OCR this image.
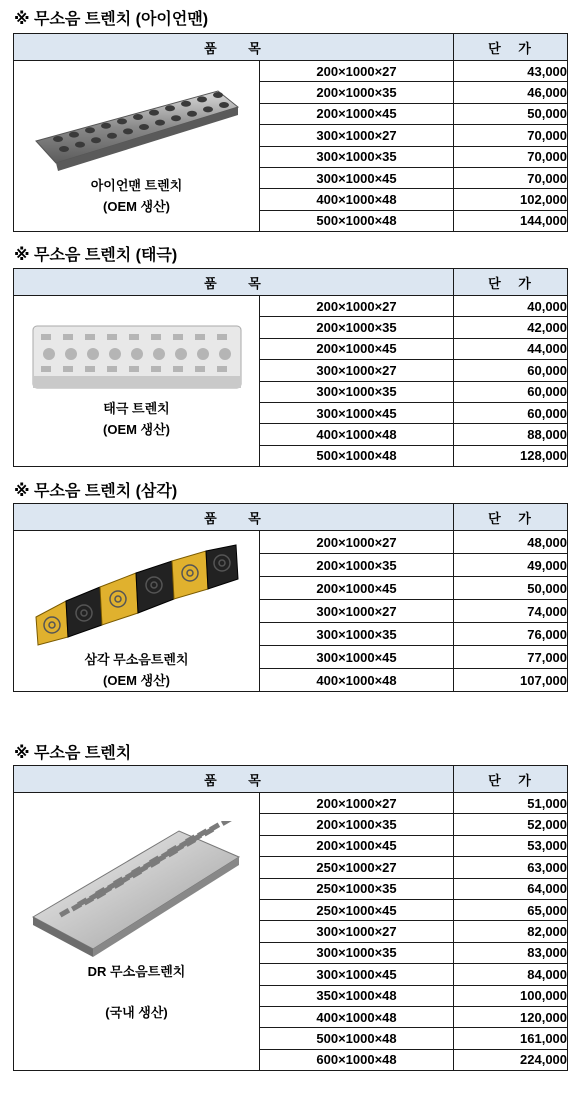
※ 무소음 트렌치 (아이언맨)
품 목		단 가

아이언맨 트렌치
(OEM 생산)	200×1000×27	43,000
	200×1000×35	46,000
	200×1000×45	50,000
	300×1000×27	70,000
	300×1000×35	70,000
	300×1000×45	70,000
	400×1000×48	102,000
	500×1000×48	144,000
※ 무소음 트렌치 (태극)
품 목		단 가

태극 트렌치
(OEM 생산)	200×1000×27	40,000
	200×1000×35	42,000
	200×1000×45	44,000
	300×1000×27	60,000
	300×1000×35	60,000
	300×1000×45	60,000
	400×1000×48	88,000
	500×1000×48	128,000
※ 무소음 트렌치 (삼각)
품 목		단 가

삼각 무소음트렌치
(OEM 생산)	200×1000×27	48,000
	200×1000×35	49,000
	200×1000×45	50,000
	300×1000×27	74,000
	300×1000×35	76,000
	300×1000×45	77,000
	400×1000×48	107,000
※ 무소음 트렌치
품 목		단 가

DR 무소음트렌치
(국내 생산)	200×1000×27	51,000
	200×1000×35	52,000
	200×1000×45	53,000
	250×1000×27	63,000
	250×1000×35	64,000
	250×1000×45	65,000
	300×1000×27	82,000
	300×1000×35	83,000
	300×1000×45	84,000
	350×1000×48	100,000
	400×1000×48	120,000
	500×1000×48	161,000
	600×1000×48	224,000
